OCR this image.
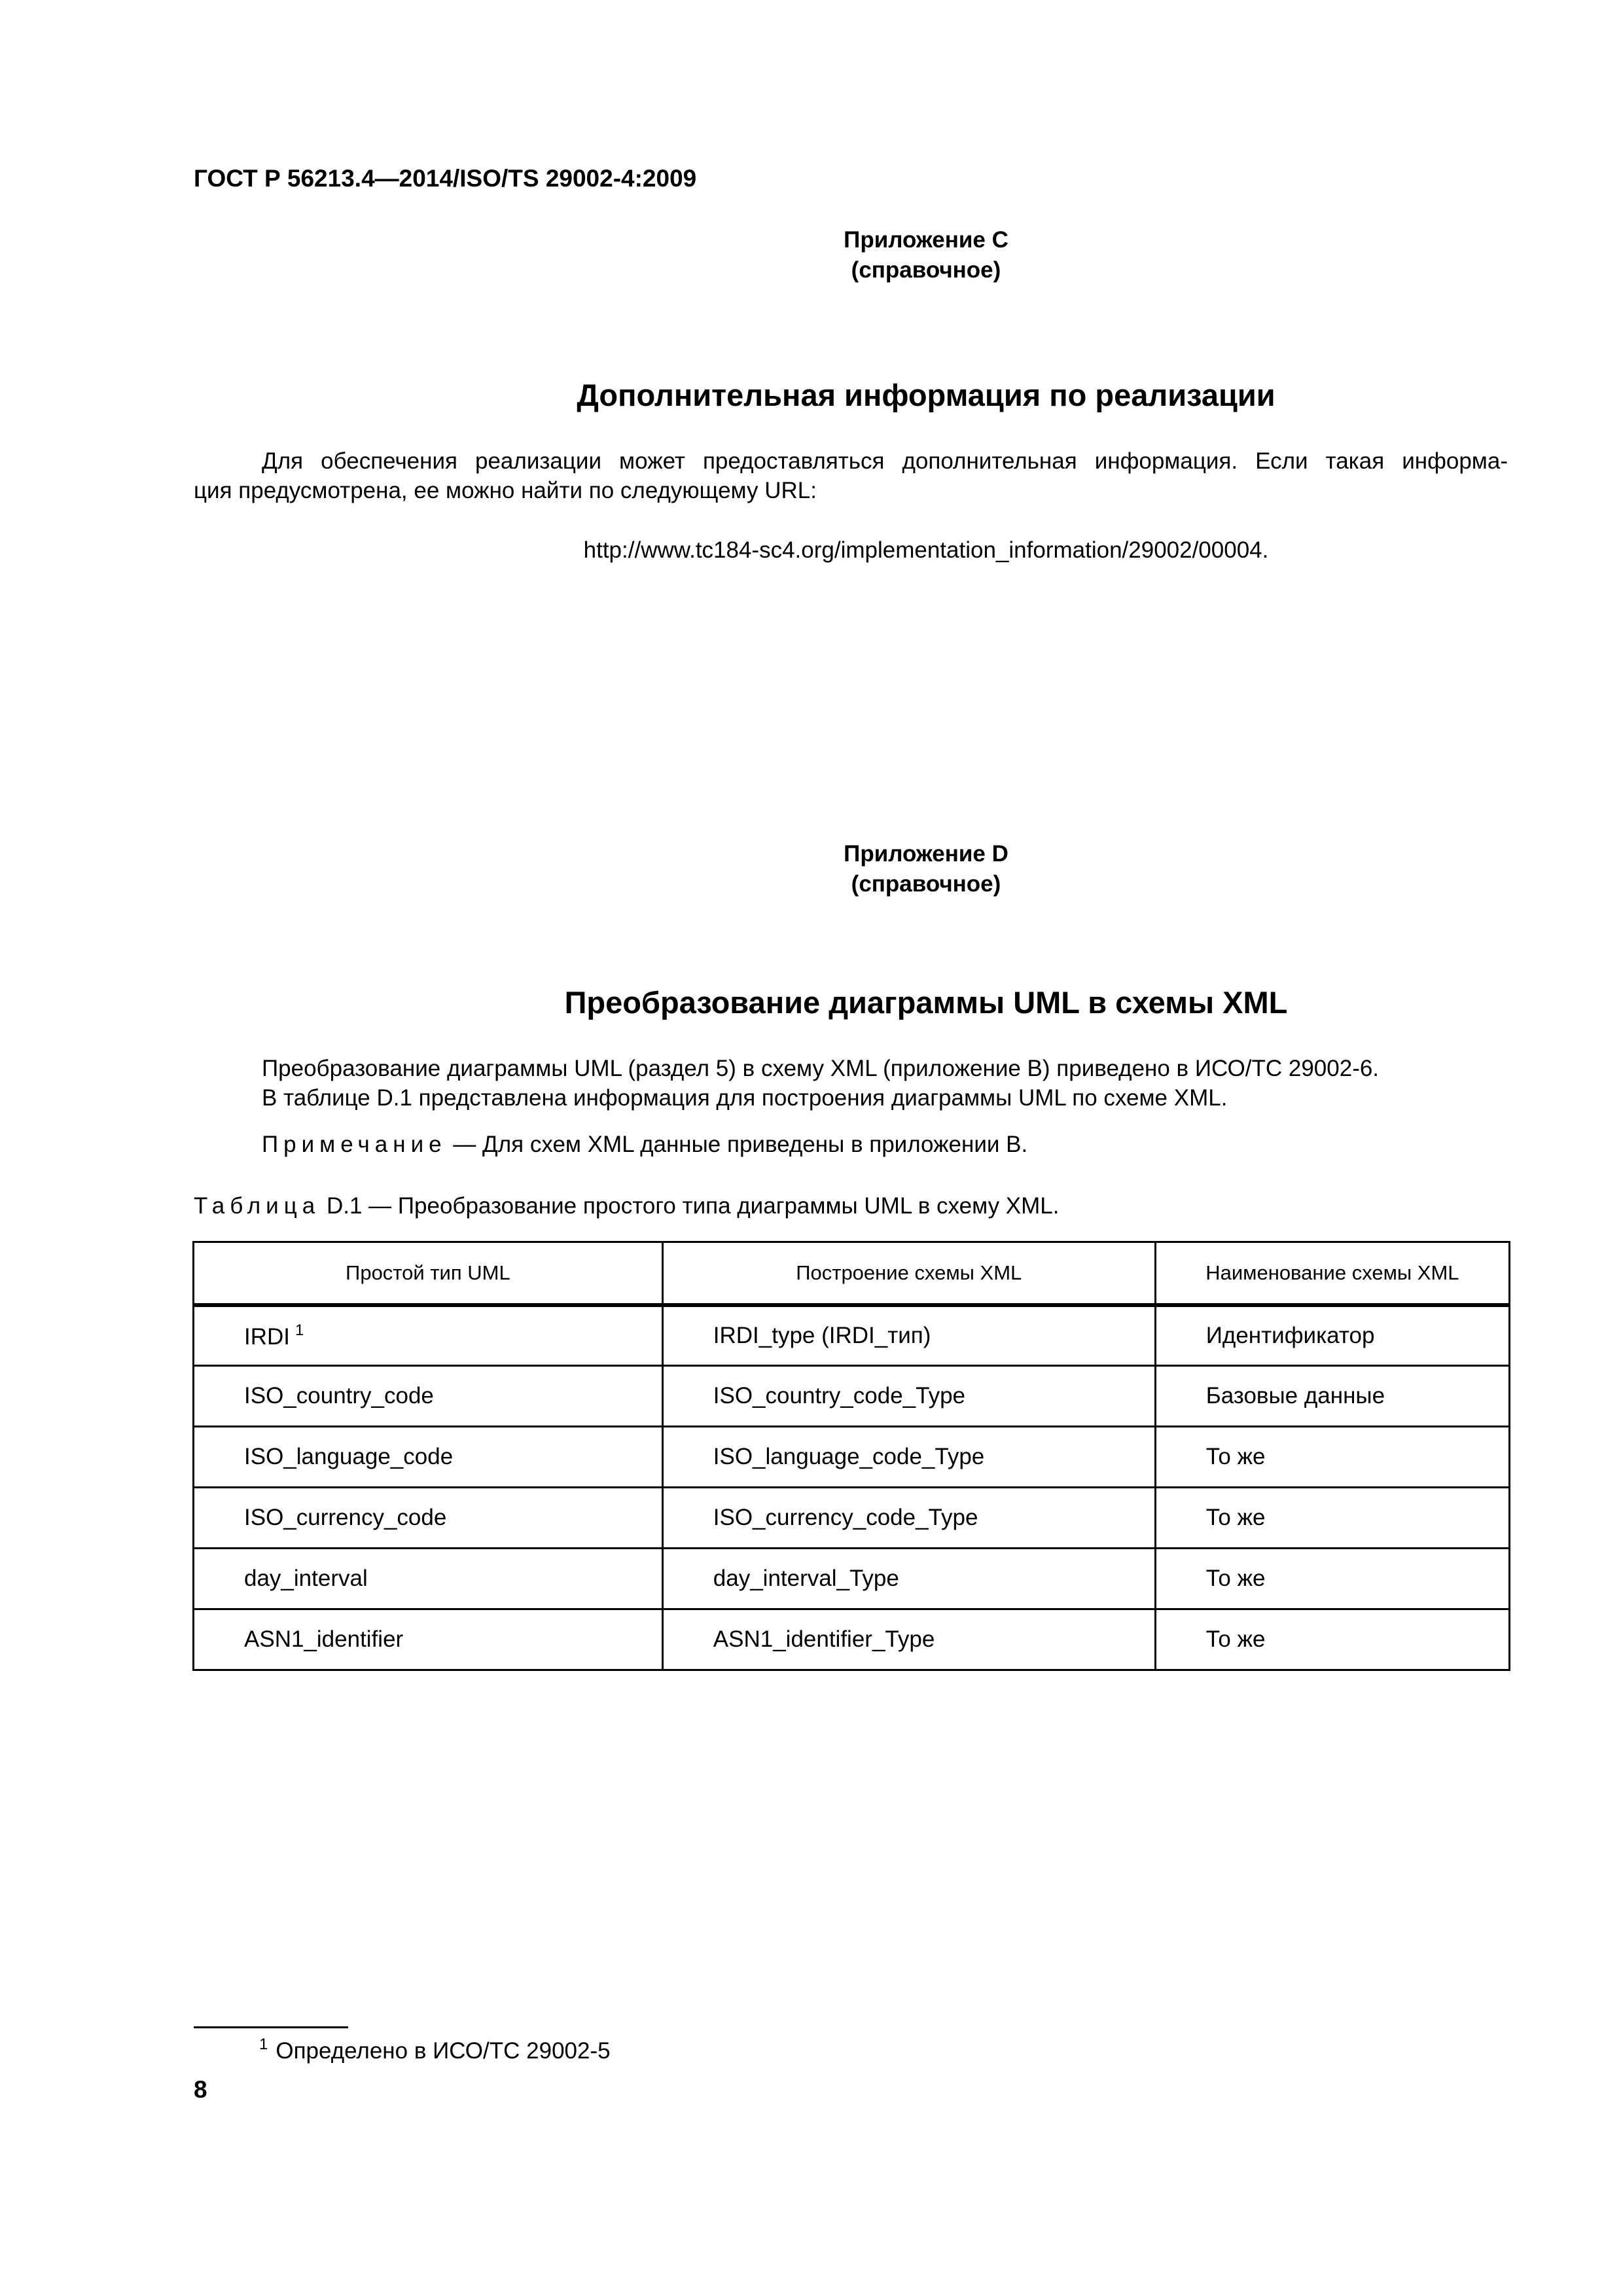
ГОСТ Р 56213.4—2014/ISO/TS 29002-4:2009
Приложение С
(справочное)
Дополнительная информация по реализации
Для обеспечения реализации может предоставляться дополнительная информация. Если такая информа-
ция предусмотрена, ее можно найти по следующему URL:
http://www.tc184-sc4.org/implementation_information/29002/00004.
Приложение D
(справочное)
Преобразование диаграммы UML в схемы XML
Преобразование диаграммы UML (раздел 5) в схему XML (приложение В) приведено в ИСО/ТС 29002-6.
В таблице D.1 представлена информация для построения диаграммы UML по схеме XML.
Примечание — Для схем XML данные приведены в приложении В.
Таблица D.1 — Преобразование простого типа диаграммы UML в схему XML.
Простой тип UML	Построение схемы XML	Наименование схемы XML
IRDI $^1$	IRDI_type (IRDI_тип)	Идентификатор
ISO_country_code	ISO_country_code_Type	Базовые данные
ISO_language_code	ISO_language_code_Type	То же
ISO_currency_code	ISO_currency_code_Type	То же
day_interval	day_interval_Type	То же
ASN1_identifier	ASN1_identifier_Type	То же
$^1$ Определено в ИСО/ТС 29002-5
8
